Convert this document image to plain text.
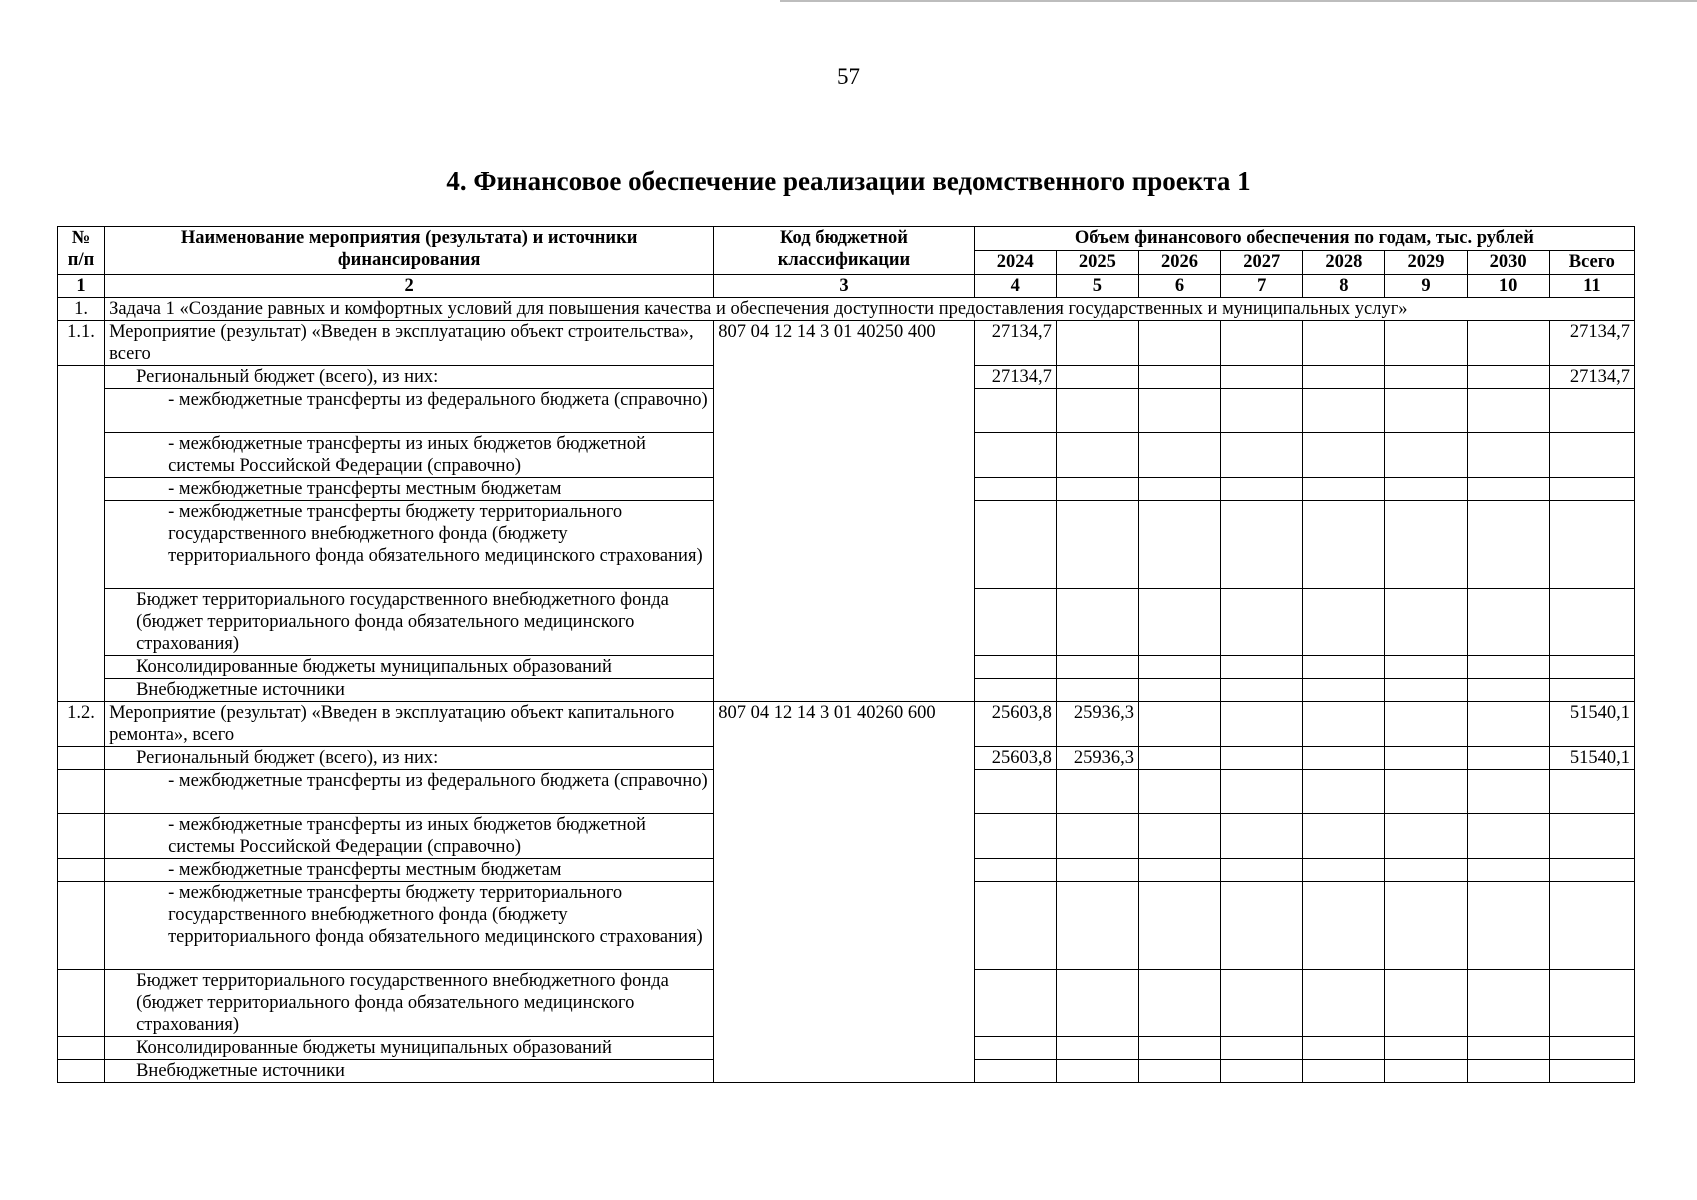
57
4. Финансовое обеспечение реализации ведомственного проекта 1
№ п/п	Наименование мероприятия (результата) и источники финансирования	Код бюджетной классификации	Объем финансового обеспечения по годам, тыс. рублей							
			2024	2025	2026	2027	2028	2029	2030	Всего
1	2	3	4	5	6	7	8	9	10	11
1.	Задача 1 «Создание равных и комфортных условий для повышения качества и обеспечения доступности предоставления государственных и муниципальных услуг»									
1.1.	Мероприятие (результат) «Введен в эксплуатацию объект строительства», всего	807 04 12 14 3 01 40250 400	27134,7							27134,7
	Региональный бюджет (всего), из них:		27134,7							27134,7
	- межбюджетные трансферты из федерального бюджета (справочно)									
	- межбюджетные трансферты из иных бюджетов бюджетной системы Российской Федерации (справочно)									
	- межбюджетные трансферты местным бюджетам									
	- межбюджетные трансферты бюджету территориального государственного внебюджетного фонда (бюджету территориального фонда обязательного медицинского страхования)									
	Бюджет территориального государственного внебюджетного фонда (бюджет территориального фонда обязательного медицинского страхования)									
	Консолидированные бюджеты муниципальных образований									
	Внебюджетные источники									
1.2.	Мероприятие (результат) «Введен в эксплуатацию объект капитального ремонта», всего	807 04 12 14 3 01 40260 600	25603,8	25936,3						51540,1
	Региональный бюджет (всего), из них:		25603,8	25936,3						51540,1
	- межбюджетные трансферты из федерального бюджета (справочно)									
	- межбюджетные трансферты из иных бюджетов бюджетной системы Российской Федерации (справочно)									
	- межбюджетные трансферты местным бюджетам									
	- межбюджетные трансферты бюджету территориального государственного внебюджетного фонда (бюджету территориального фонда обязательного медицинского страхования)									
	Бюджет территориального государственного внебюджетного фонда (бюджет территориального фонда обязательного медицинского страхования)									
	Консолидированные бюджеты муниципальных образований									
	Внебюджетные источники									
